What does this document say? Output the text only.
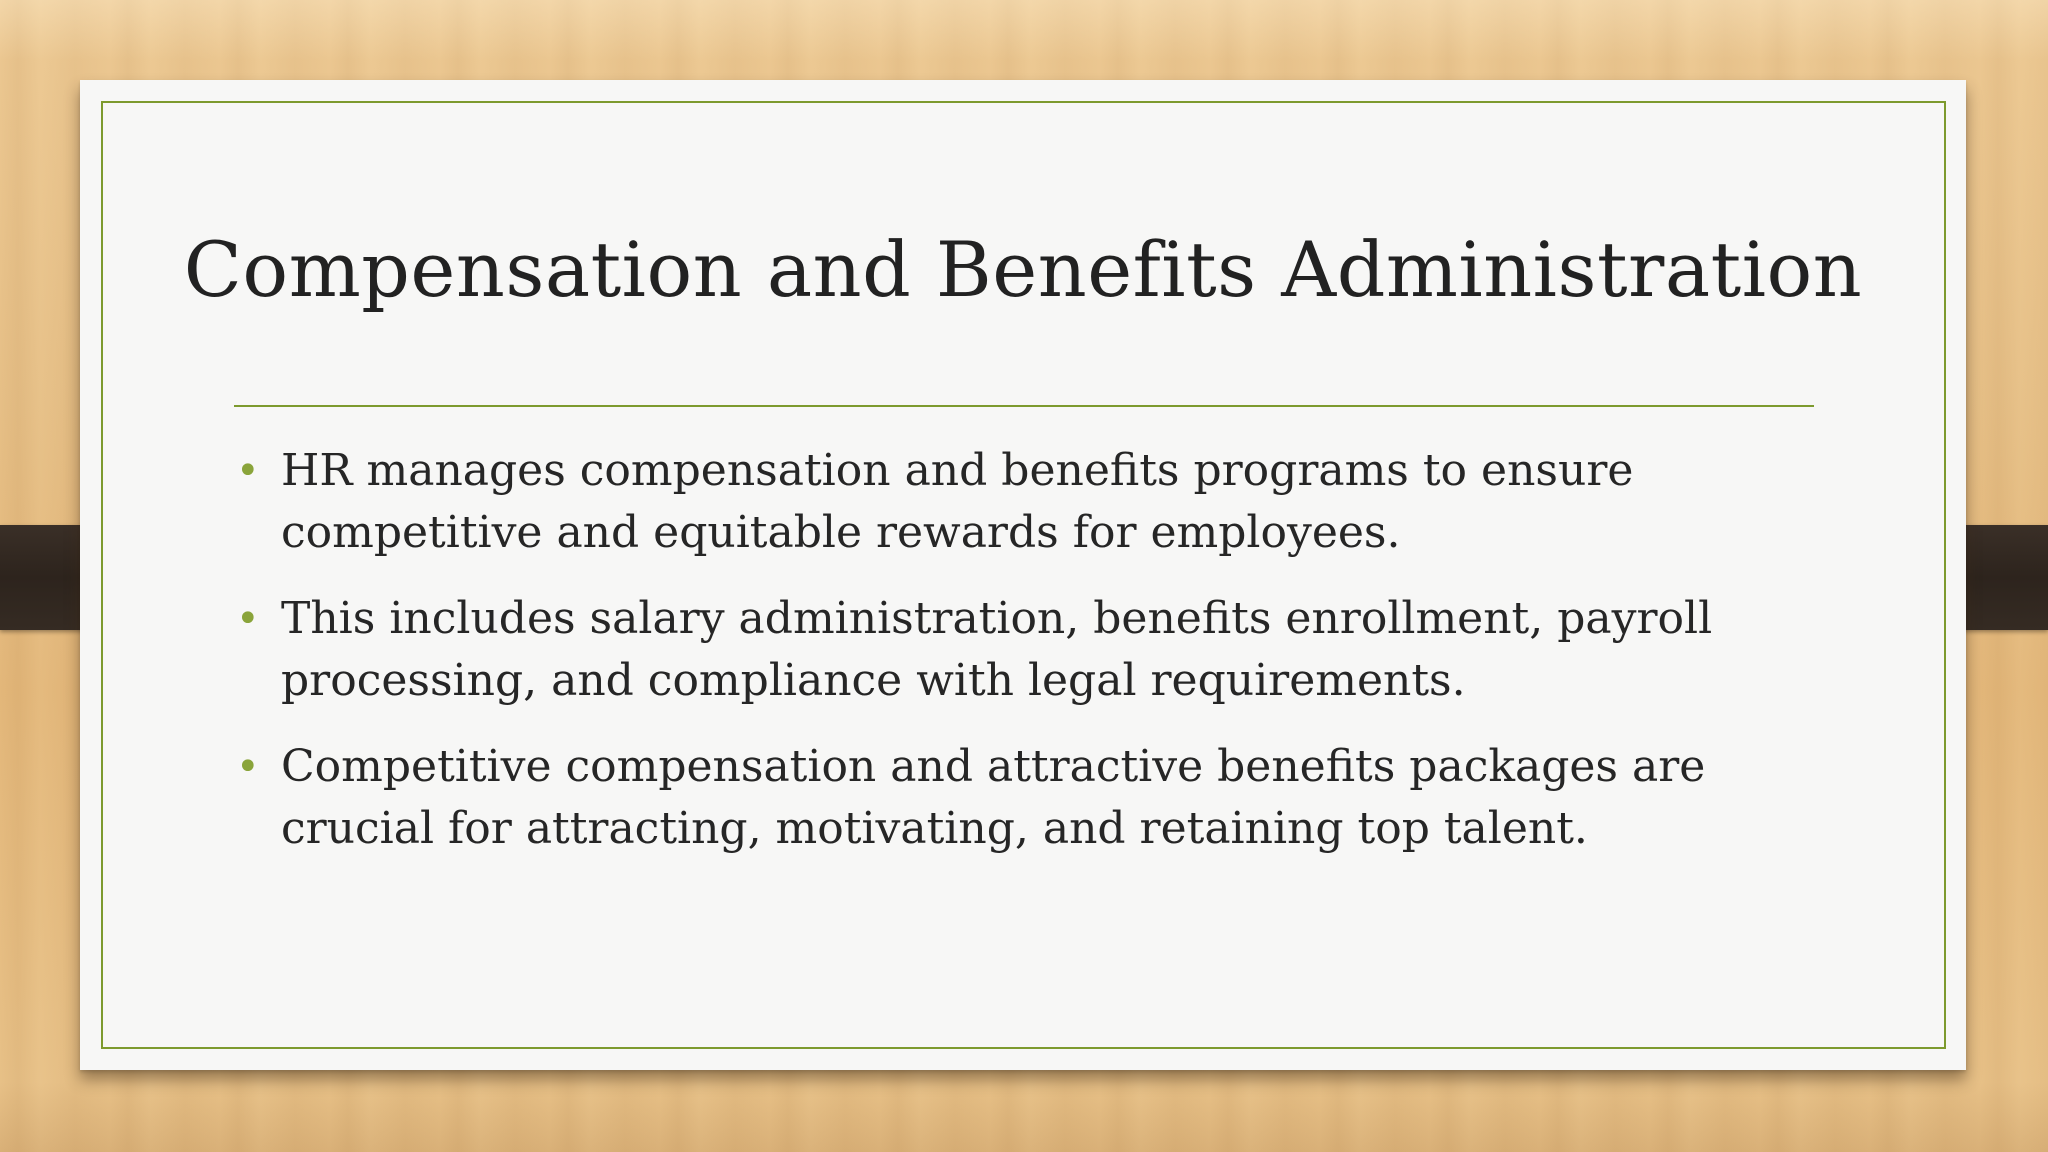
Compensation and Benefits Administration
• HR manages compensation and benefits programs to ensure competitive and equitable rewards for employees.
• This includes salary administration, benefits enrollment, payroll processing, and compliance with legal requirements.
• Competitive compensation and attractive benefits packages are crucial for attracting, motivating, and retaining top talent.
